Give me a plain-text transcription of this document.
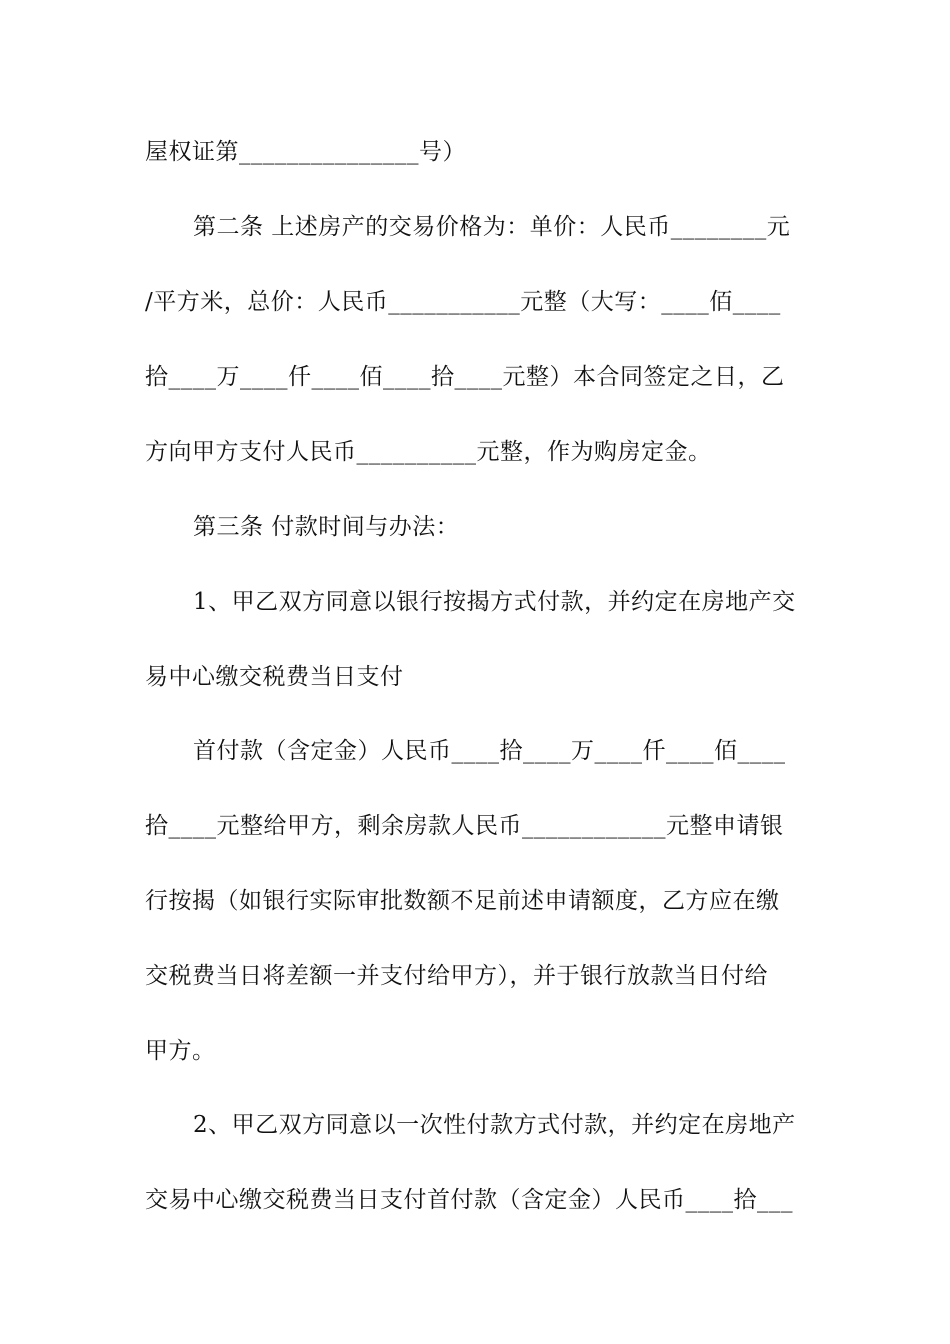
屋权证第_______________号）
第二条 上述房产的交易价格为：单价：人民币________元
/平方米，总价：人民币___________元整（大写：____佰____
拾____万____仟____佰____拾____元整）本合同签定之日，乙
方向甲方支付人民币__________元整，作为购房定金。
第三条 付款时间与办法：
1、甲乙双方同意以银行按揭方式付款，并约定在房地产交
易中心缴交税费当日支付
首付款（含定金）人民币____拾____万____仟____佰____
拾____元整给甲方，剩余房款人民币____________元整申请银
行按揭（如银行实际审批数额不足前述申请额度，乙方应在缴
交税费当日将差额一并支付给甲方），并于银行放款当日付给
甲方。
2、甲乙双方同意以一次性付款方式付款，并约定在房地产
交易中心缴交税费当日支付首付款（含定金）人民币____拾___
